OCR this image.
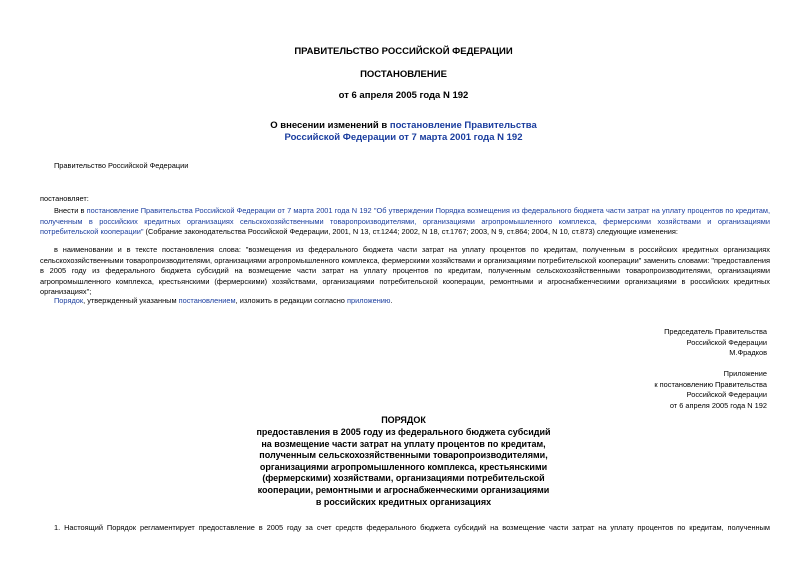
ПРАВИТЕЛЬСТВО РОССИЙСКОЙ ФЕДЕРАЦИИ
ПОСТАНОВЛЕНИЕ
от 6 апреля 2005 года N 192
О внесении изменений в постановление Правительства
Российской Федерации от 7 марта 2001 года N 192
Правительство Российской Федерации
постановляет:
Внести в постановление Правительства Российской Федерации от 7 марта 2001 года N 192 "Об утверждении Порядка возмещения из федерального бюджета части затрат на уплату процентов по кредитам, полученным в российских кредитных организациях сельскохозяйственными товаропроизводителями, организациями агропромышленного комплекса, фермерскими хозяйствами и организациями потребительской кооперации" (Собрание законодательства Российской Федерации, 2001, N 13, ст.1244; 2002, N 18, ст.1767; 2003, N 9, ст.864; 2004, N 10, ст.873) следующие изменения:
в наименовании и в тексте постановления слова: "возмещения из федерального бюджета части затрат на уплату процентов по кредитам, полученным в российских кредитных организациях сельскохозяйственными товаропроизводителями, организациями агропромышленного комплекса, фермерскими хозяйствами и организациями потребительской кооперации" заменить словами: "предоставления в 2005 году из федерального бюджета субсидий на возмещение части затрат на уплату процентов по кредитам, полученным сельскохозяйственными товаропроизводителями, организациями агропромышленного комплекса, крестьянскими (фермерскими) хозяйствами, организациями потребительской кооперации, ремонтными и агроснабженческими организациями в российских кредитных организациях";
Порядок, утвержденный указанным постановлением, изложить в редакции согласно приложению.
Председатель Правительства
Российской Федерации
М.Фрадков
Приложение
к постановлению Правительства
Российской Федерации
от 6 апреля 2005 года N 192
ПОРЯДОК
предоставления в 2005 году из федерального бюджета субсидий
на возмещение части затрат на уплату процентов по кредитам,
полученным сельскохозяйственными товаропроизводителями,
организациями агропромышленного комплекса, крестьянскими
(фермерскими) хозяйствами, организациями потребительской
кооперации, ремонтными и агроснабженческими организациями
в российских кредитных организациях
1. Настоящий Порядок регламентирует предоставление в 2005 году за счет средств федерального бюджета субсидий на возмещение части затрат на уплату процентов по кредитам, полученным
